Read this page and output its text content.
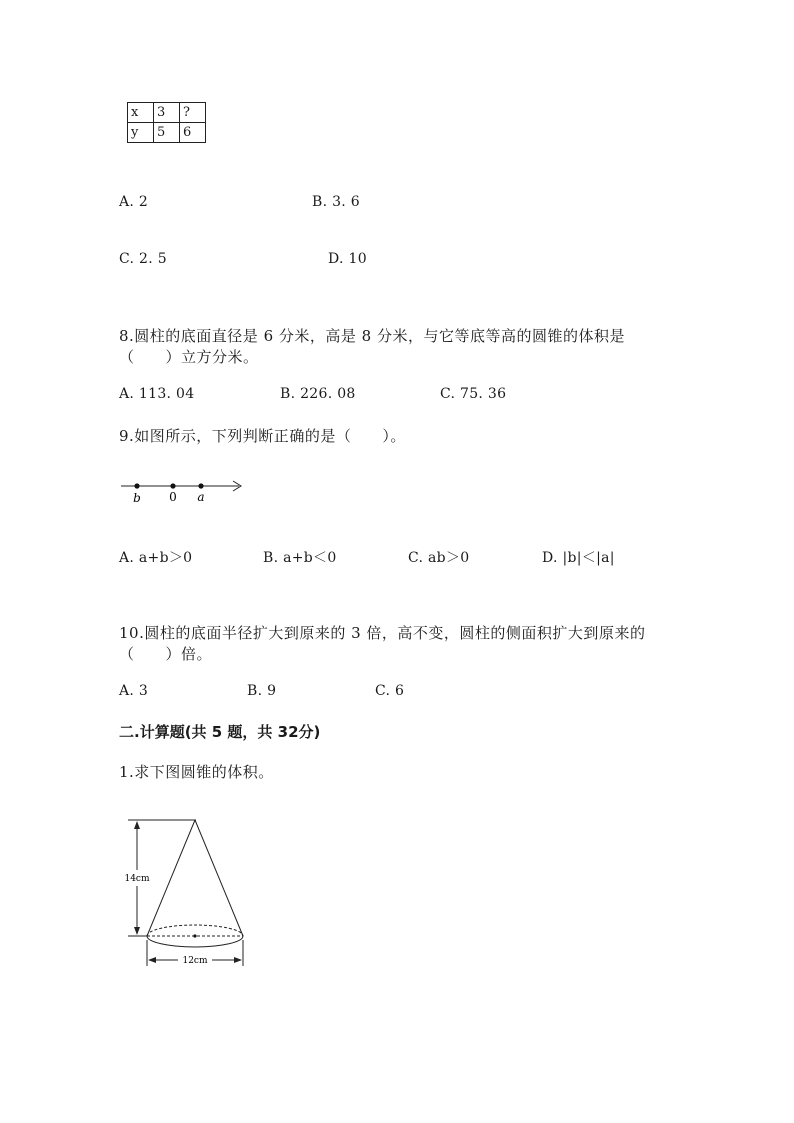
x	3	?
y	5	6
A. 2	B. 3. 6
C. 2. 5	D. 10
8.圆柱的底面直径是 6 分米，高是 8 分米，与它等底等高的圆锥的体积是
（　　）立方分米。
A. 113. 04	B. 226. 08	C. 75. 36
9.如图所示，下列判断正确的是（　　）。
b 0 a
A. a+b＞0	B. a+b＜0	C. ab＞0	D. |b|＜|a|
10.圆柱的底面半径扩大到原来的 3 倍，高不变，圆柱的侧面积扩大到原来的
（　　）倍。
A. 3	B. 9	C. 6
二.计算题(共 5 题，共 32分)
1.求下图圆锥的体积。
14cm
12cm
